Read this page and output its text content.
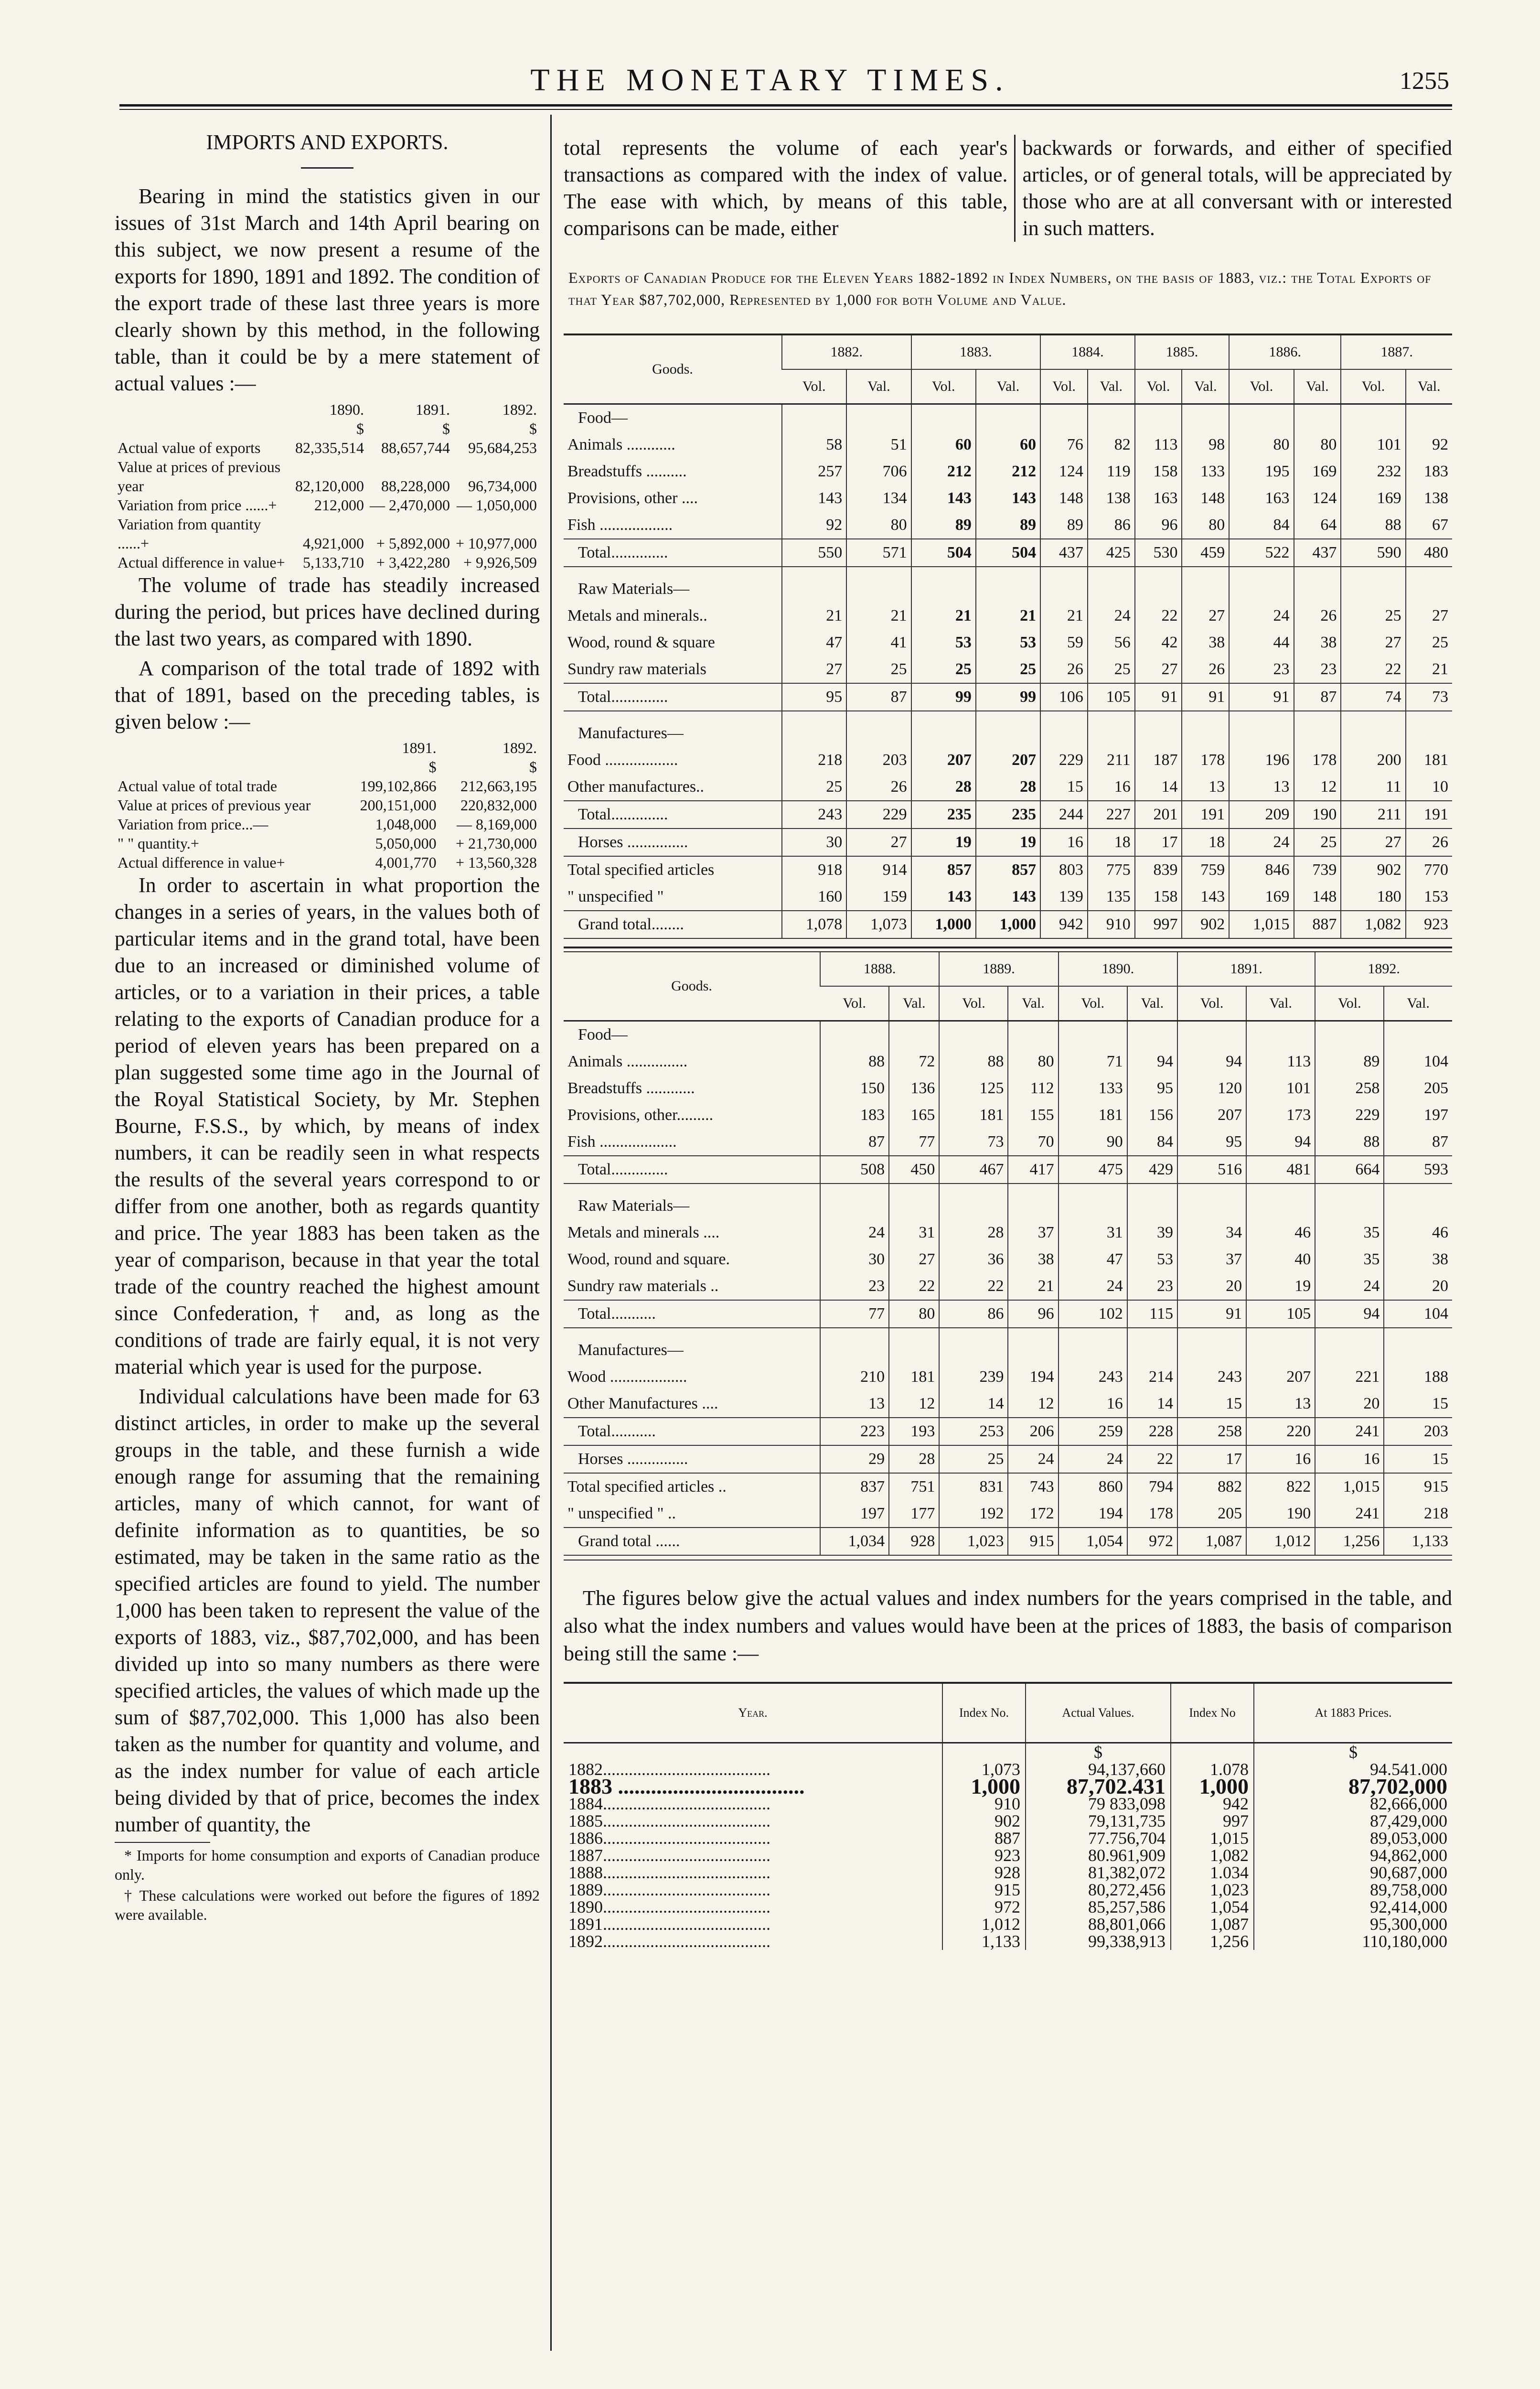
THE MONETARY TIMES.	1255
IMPORTS AND EXPORTS.

Bearing in mind the statistics given in our issues of 31st March and 14th April bearing on this subject, we now present a resume of the exports for 1890, 1891 and 1892. The condition of the export trade of these last three years is more clearly shown by this method, in the following table, than it could be by a mere statement of actual values :—

	1890.	1891.	1892.
	$	$	$
Actual value of exports	82,335,514	88,657,744	95,684,253
Value at prices of previous year	82,120,000	88,228,000	96,734,000
Variation from price ......+	212,000	— 2,470,000	— 1,050,000
Variation from quantity ......+	4,921,000	+ 5,892,000	+ 10,977,000
Actual difference in value+	5,133,710	+ 3,422,280	+ 9,926,509

The volume of trade has steadily increased during the period, but prices have declined during the last two years, as compared with 1890.

A comparison of the total trade of 1892 with that of 1891, based on the preceding tables, is given below :—

	1891.	1892.
	$	$
Actual value of total trade	199,102,866	212,663,195
Value at prices of previous year	200,151,000	220,832,000
Variation from price...—	1,048,000	— 8,169,000
" " quantity.+	5,050,000	+ 21,730,000
Actual difference in value+	4,001,770	+ 13,560,328

In order to ascertain in what proportion the changes in a series of years, in the values both of particular items and in the grand total, have been due to an increased or diminished volume of articles, or to a variation in their prices, a table relating to the exports of Canadian produce for a period of eleven years has been prepared on a plan suggested some time ago in the Journal of the Royal Statistical Society, by Mr. Stephen Bourne, F.S.S., by which, by means of index numbers, it can be readily seen in what respects the results of the several years correspond to or differ from one another, both as regards quantity and price. The year 1883 has been taken as the year of comparison, because in that year the total trade of the country reached the highest amount since Confederation,† and, as long as the conditions of trade are fairly equal, it is not very material which year is used for the purpose.

Individual calculations have been made for 63 distinct articles, in order to make up the several groups in the table, and these furnish a wide enough range for assuming that the remaining articles, many of which cannot, for want of definite information as to quantities, be so estimated, may be taken in the same ratio as the specified articles are found to yield. The number 1,000 has been taken to represent the value of the exports of 1883, viz., $87,702,000, and has been divided up into so many numbers as there were specified articles, the values of which made up the sum of $87,702,000. This 1,000 has also been taken as the number for quantity and volume, and as the index number for value of each article being divided by that of price, becomes the index number of quantity, the

* Imports for home consumption and exports of Canadian produce only.

† These calculations were worked out before the figures of 1892 were available.

total represents the volume of each year's transactions as compared with the index of value. The ease with which, by means of this table, comparisons can be made, either
backwards or forwards, and either of specified articles, or of general totals, will be appreciated by those who are at all conversant with or interested in such matters.
Exports of Canadian Produce for the Eleven Years 1882-1892 in Index Numbers, on the basis of 1883, viz.: the Total Exports of that Year $87,702,000, Represented by 1,000 for both Volume and Value.
Goods.	1882.		1883.		1884.		1885.		1886.		1887.	
	Vol.	Val.	Vol.	Val.	Vol.	Val.	Vol.	Val.	Vol.	Val.	Vol.	Val.
Food—												
Animals ............	58	51	60	60	76	82	113	98	80	80	101	92
Breadstuffs ..........	257	706	212	212	124	119	158	133	195	169	232	183
Provisions, other ....	143	134	143	143	148	138	163	148	163	124	169	138
Fish ..................	92	80	89	89	89	86	96	80	84	64	88	67
Total..............	550	571	504	504	437	425	530	459	522	437	590	480

Raw Materials—												
Metals and minerals..	21	21	21	21	21	24	22	27	24	26	25	27
Wood, round & square	47	41	53	53	59	56	42	38	44	38	27	25
Sundry raw materials	27	25	25	25	26	25	27	26	23	23	22	21
Total..............	95	87	99	99	106	105	91	91	91	87	74	73

Manufactures—												
Food ..................	218	203	207	207	229	211	187	178	196	178	200	181
Other manufactures..	25	26	28	28	15	16	14	13	13	12	11	10
Total..............	243	229	235	235	244	227	201	191	209	190	211	191
Horses ...............	30	27	19	19	16	18	17	18	24	25	27	26
Total specified articles	918	914	857	857	803	775	839	759	846	739	902	770
" unspecified "	160	159	143	143	139	135	158	143	169	148	180	153
Grand total........	1,078	1,073	1,000	1,000	942	910	997	902	1,015	887	1,082	923
Goods.	1888.		1889.		1890.		1891.		1892.	
	Vol.	Val.	Vol.	Val.	Vol.	Val.	Vol.	Val.	Vol.	Val.
Food—										
Animals ...............	88	72	88	80	71	94	94	113	89	104
Breadstuffs ............	150	136	125	112	133	95	120	101	258	205
Provisions, other.........	183	165	181	155	181	156	207	173	229	197
Fish ...................	87	77	73	70	90	84	95	94	88	87
Total..............	508	450	467	417	475	429	516	481	664	593

Raw Materials—										
Metals and minerals ....	24	31	28	37	31	39	34	46	35	46
Wood, round and square.	30	27	36	38	47	53	37	40	35	38
Sundry raw materials ..	23	22	22	21	24	23	20	19	24	20
Total...........	77	80	86	96	102	115	91	105	94	104

Manufactures—										
Wood ...................	210	181	239	194	243	214	243	207	221	188
Other Manufactures ....	13	12	14	12	16	14	15	13	20	15
Total...........	223	193	253	206	259	228	258	220	241	203
Horses ...............	29	28	25	24	24	22	17	16	16	15
Total specified articles ..	837	751	831	743	860	794	882	822	1,015	915
" unspecified " ..	197	177	192	172	194	178	205	190	241	218
Grand total ......	1,034	928	1,023	915	1,054	972	1,087	1,012	1,256	1,133

The figures below give the actual values and index numbers for the years comprised in the table, and also what the index numbers and values would have been at the prices of 1883, the basis of comparison being still the same :—

Year.	Index No.	Actual Values.	Index No	At 1883 Prices.
		$		$
1882.......................................	1,073	94,137,660	1.078	94.541.000
1883 ..................................	1,000	87,702.431	1,000	87,702,000
1884.......................................	910	79 833,098	942	82,666,000
1885.......................................	902	79,131,735	997	87,429,000
1886.......................................	887	77.756,704	1,015	89,053,000
1887.......................................	923	80.961,909	1,082	94,862,000
1888.......................................	928	81,382,072	1.034	90,687,000
1889.......................................	915	80,272,456	1,023	89,758,000
1890.......................................	972	85,257,586	1,054	92,414,000
1891.......................................	1,012	88,801,066	1,087	95,300,000
1892.......................................	1,133	99,338,913	1,256	110,180,000
